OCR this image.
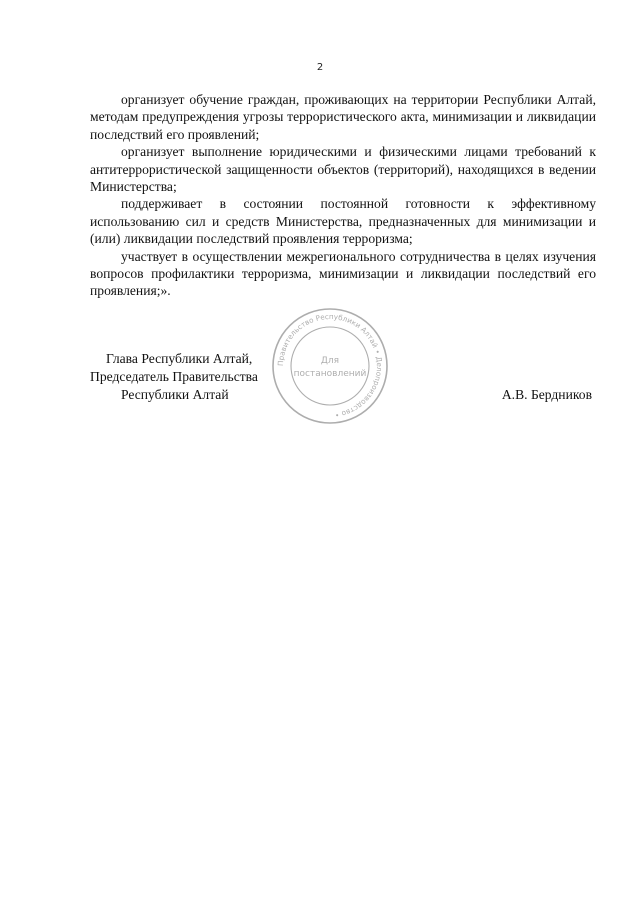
2

организует обучение граждан, проживающих на территории Республики Алтай, методам предупреждения угрозы террористического акта, минимизации и ликвидации последствий его проявлений;

организует выполнение юридическими и физическими лицами требований к антитеррористической защищенности объектов (территорий), находящихся в ведении Министерства;

поддерживает в состоянии постоянной готовности к эффективному использованию сил и средств Министерства, предназначенных для минимизации и (или) ликвидации последствий проявления терроризма;

участвует в осуществлении межрегионального сотрудничества в целях изучения вопросов профилактики терроризма, минимизации и ликвидации последствий его проявления;».

Глава Республики Алтай,
Председатель Правительства
Республики Алтай	А.В. Бердников
Правительство Республики Алтай • Делопроизводство •
Для
постановлений
